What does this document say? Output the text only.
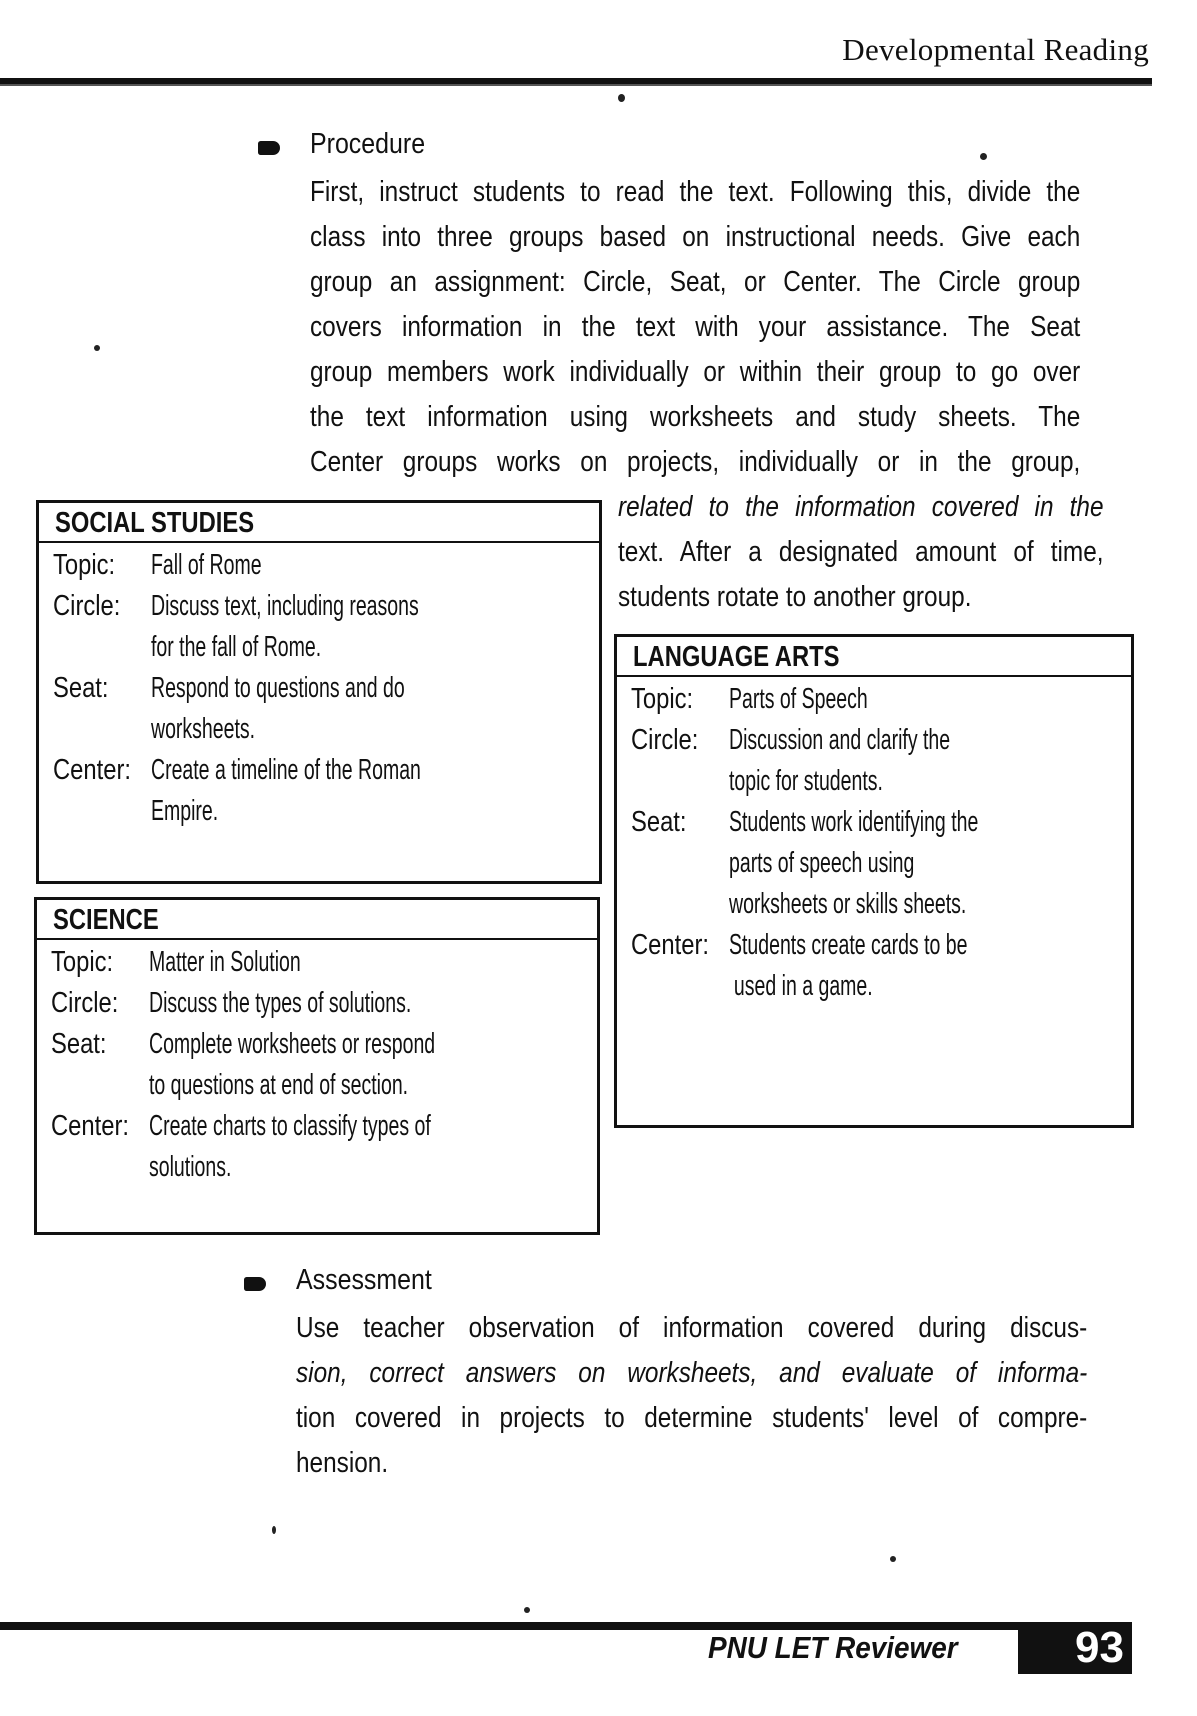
Developmental Reading
Procedure
First, instruct students to read the text. Following this, divide the
class into three groups based on instructional needs. Give each
group an assignment: Circle, Seat, or Center. The Circle group
covers information in the text with your assistance. The Seat
group members work individually or within their group to go over
the text information using worksheets and study sheets. The
Center groups works on projects, individually or in the group,
related to the information covered in the
text. After a designated amount of time,
students rotate to another group.
SOCIAL STUDIES
Topic:	Fall of Rome
Circle:	Discuss text, including reasons
for the fall of Rome.
Seat:	Respond to questions and do
worksheets.
Center: Create a timeline of the Roman
Empire.
SCIENCE
Topic:	Matter in Solution
Circle:	Discuss the types of solutions.
Seat:	Complete worksheets or respond
to questions at end of section.
Center: Create charts to classify types of
solutions.
LANGUAGE ARTS
Topic:	Parts of Speech
Circle:	Discussion and clarify the
topic for students.
Seat:	Students work identifying the
parts of speech using
worksheets or skills sheets.
Center: Students create cards to be
used in a game.
Assessment
Use teacher observation of information covered during discus-
sion, correct answers on worksheets, and evaluate of informa-
tion covered in projects to determine students' level of compre-
hension.
PNU LET Reviewer	93
